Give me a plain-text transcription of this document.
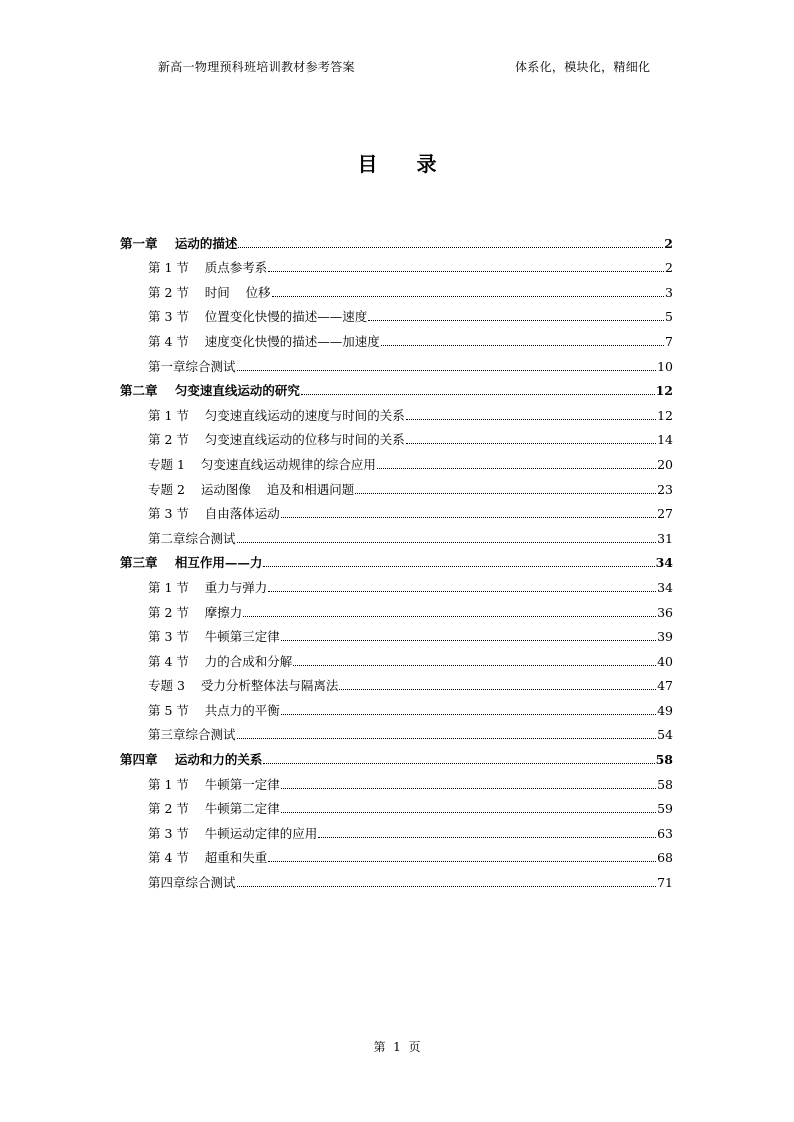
新高一物理预科班培训教材参考答案	体系化，模块化，精细化
目 录
第一章    运动的描述	2
第 1 节    质点参考系	2
第 2 节    时间    位移	3
第 3 节    位置变化快慢的描述——速度	5
第 4 节    速度变化快慢的描述——加速度	7
第一章综合测试	10
第二章    匀变速直线运动的研究	12
第 1 节    匀变速直线运动的速度与时间的关系	12
第 2 节    匀变速直线运动的位移与时间的关系	14
专题 1    匀变速直线运动规律的综合应用	20
专题 2    运动图像    追及和相遇问题	23
第 3 节    自由落体运动	27
第二章综合测试	31
第三章    相互作用——力	34
第 1 节    重力与弹力	34
第 2 节    摩擦力	36
第 3 节    牛顿第三定律	39
第 4 节    力的合成和分解	40
专题 3    受力分析整体法与隔离法	47
第 5 节    共点力的平衡	49
第三章综合测试	54
第四章    运动和力的关系	58
第 1 节    牛顿第一定律	58
第 2 节    牛顿第二定律	59
第 3 节    牛顿运动定律的应用	63
第 4 节    超重和失重	68
第四章综合测试	71
第  1  页
